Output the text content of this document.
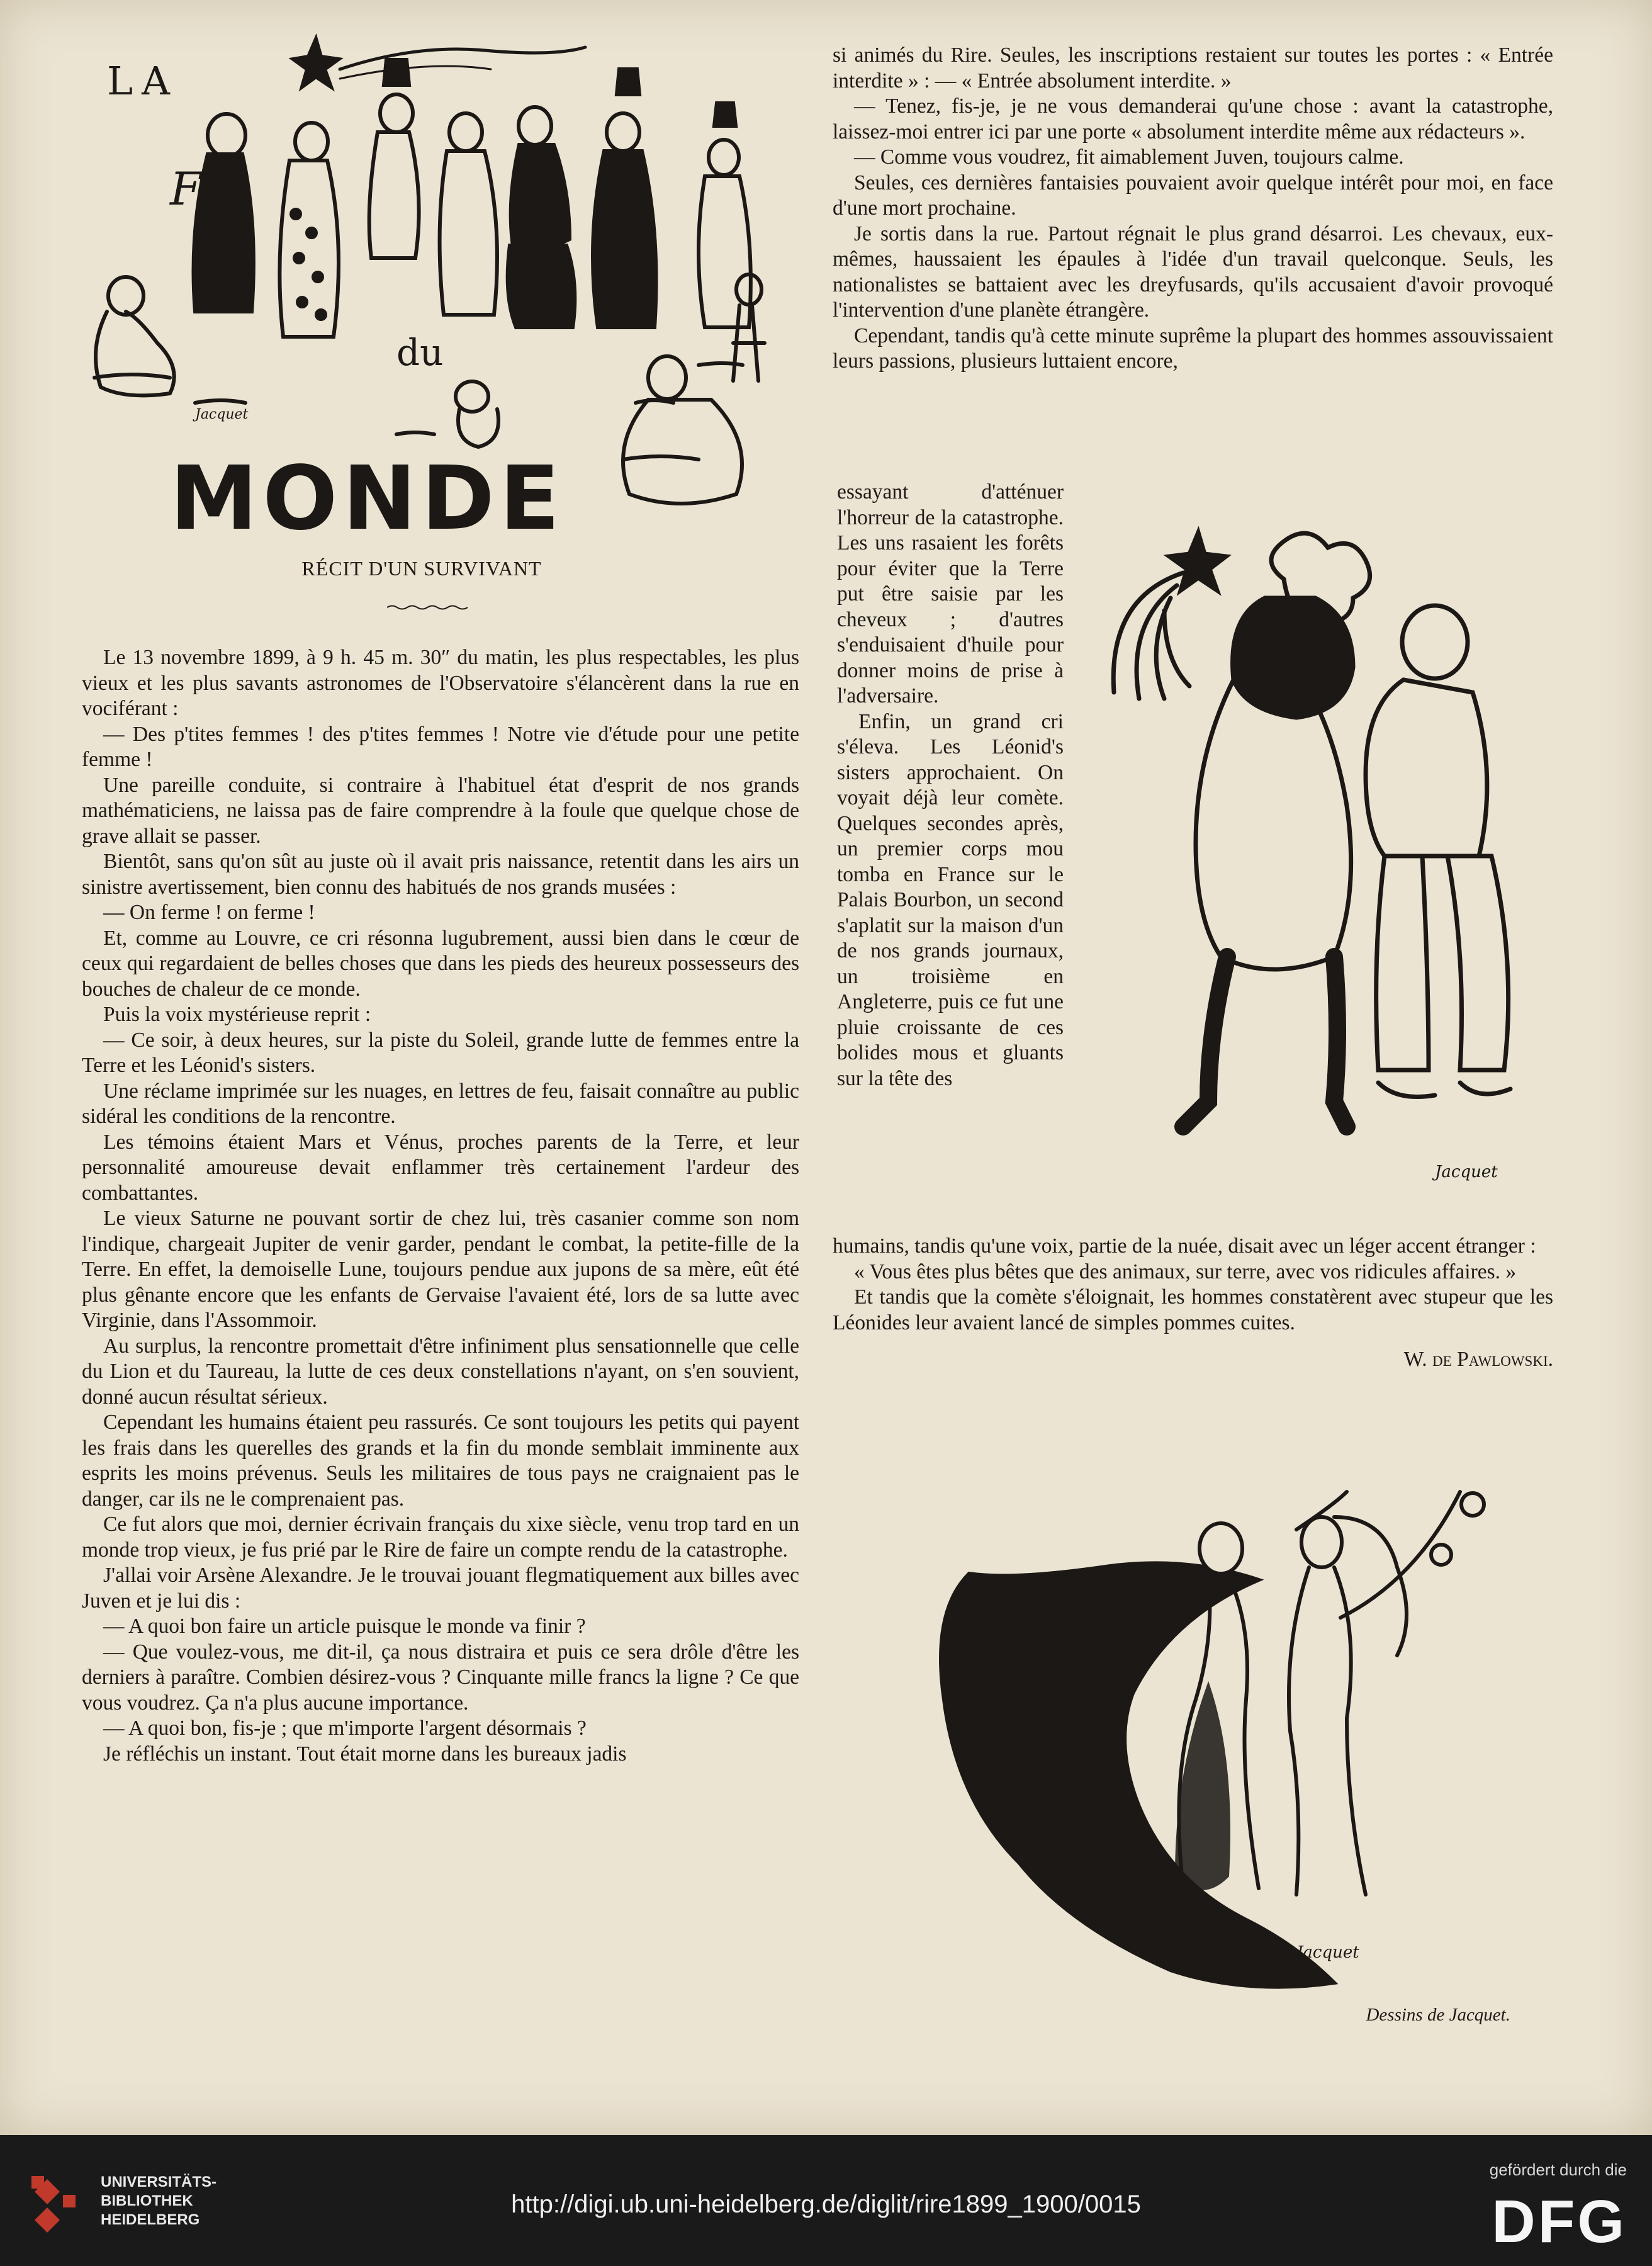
LA
Fin
du
MONDE
Jacquet
RÉCIT D'UN SURVIVANT

Le 13 novembre 1899, à 9 h. 45 m. 30″ du matin, les plus respectables, les plus vieux et les plus savants astronomes de l'Observatoire s'élancèrent dans la rue en vociférant :

— Des p'tites femmes ! des p'tites femmes ! Notre vie d'étude pour une petite femme !

Une pareille conduite, si contraire à l'habituel état d'esprit de nos grands mathématiciens, ne laissa pas de faire comprendre à la foule que quelque chose de grave allait se passer.

Bientôt, sans qu'on sût au juste où il avait pris naissance, retentit dans les airs un sinistre avertissement, bien connu des habitués de nos grands musées :

— On ferme ! on ferme !

Et, comme au Louvre, ce cri résonna lugubrement, aussi bien dans le cœur de ceux qui regardaient de belles choses que dans les pieds des heureux possesseurs des bouches de chaleur de ce monde.

Puis la voix mystérieuse reprit :

— Ce soir, à deux heures, sur la piste du Soleil, grande lutte de femmes entre la Terre et les Léonid's sisters.

Une réclame imprimée sur les nuages, en lettres de feu, faisait connaître au public sidéral les conditions de la rencontre.

Les témoins étaient Mars et Vénus, proches parents de la Terre, et leur personnalité amoureuse devait enflammer très certainement l'ardeur des combattantes.

Le vieux Saturne ne pouvant sortir de chez lui, très casanier comme son nom l'indique, chargeait Jupiter de venir garder, pendant le combat, la petite-fille de la Terre. En effet, la demoiselle Lune, toujours pendue aux jupons de sa mère, eût été plus gênante encore que les enfants de Gervaise l'avaient été, lors de sa lutte avec Virginie, dans l'Assommoir.

Au surplus, la rencontre promettait d'être infiniment plus sensationnelle que celle du Lion et du Taureau, la lutte de ces deux constellations n'ayant, on s'en souvient, donné aucun résultat sérieux.

Cependant les humains étaient peu rassurés. Ce sont toujours les petits qui payent les frais dans les querelles des grands et la fin du monde semblait imminente aux esprits les moins prévenus. Seuls les militaires de tous pays ne craignaient pas le danger, car ils ne le comprenaient pas.

Ce fut alors que moi, dernier écrivain français du xixe siècle, venu trop tard en un monde trop vieux, je fus prié par le Rire de faire un compte rendu de la catastrophe.

J'allai voir Arsène Alexandre. Je le trouvai jouant flegmatiquement aux billes avec Juven et je lui dis :

— A quoi bon faire un article puisque le monde va finir ?

— Que voulez-vous, me dit-il, ça nous distraira et puis ce sera drôle d'être les derniers à paraître. Combien désirez-vous ? Cinquante mille francs la ligne ? Ce que vous voudrez. Ça n'a plus aucune importance.

— A quoi bon, fis-je ; que m'importe l'argent désormais ?

Je réfléchis un instant. Tout était morne dans les bureaux jadis

si animés du Rire. Seules, les inscriptions restaient sur toutes les portes : « Entrée interdite » : — « Entrée absolument interdite. »

— Tenez, fis-je, je ne vous demanderai qu'une chose : avant la catastrophe, laissez-moi entrer ici par une porte « absolument interdite même aux rédacteurs ».

— Comme vous voudrez, fit aimablement Juven, toujours calme.

Seules, ces dernières fantaisies pouvaient avoir quelque intérêt pour moi, en face d'une mort prochaine.

Je sortis dans la rue. Partout régnait le plus grand désarroi. Les chevaux, eux-mêmes, haussaient les épaules à l'idée d'un travail quelconque. Seuls, les nationalistes se battaient avec les dreyfusards, qu'ils accusaient d'avoir provoqué l'intervention d'une planète étrangère.

Cependant, tandis qu'à cette minute suprême la plupart des hommes assouvissaient leurs passions, plusieurs luttaient encore,

essayant d'atténuer l'horreur de la catastrophe. Les uns rasaient les forêts pour éviter que la Terre put être saisie par les cheveux ; d'autres s'enduisaient d'huile pour donner moins de prise à l'adversaire.

Enfin, un grand cri s'éleva. Les Léonid's sisters approchaient. On voyait déjà leur comète. Quelques secondes après, un premier corps mou tomba en France sur le Palais Bourbon, un second s'aplatit sur la maison d'un de nos grands journaux, un troisième en Angleterre, puis ce fut une pluie croissante de ces bolides mous et gluants sur la tête des

Jacquet

humains, tandis qu'une voix, partie de la nuée, disait avec un léger accent étranger :

« Vous êtes plus bêtes que des animaux, sur terre, avec vos ridicules affaires. »

Et tandis que la comète s'éloignait, les hommes constatèrent avec stupeur que les Léonides leur avaient lancé de simples pommes cuites.

W. de Pawlowski.
Jacquet
Dessins de Jacquet.
UNIVERSITÄTS-
BIBLIOTHEK
HEIDELBERG
http://digi.ub.uni-heidelberg.de/diglit/rire1899_1900/0015
gefördert durch die
DFG
